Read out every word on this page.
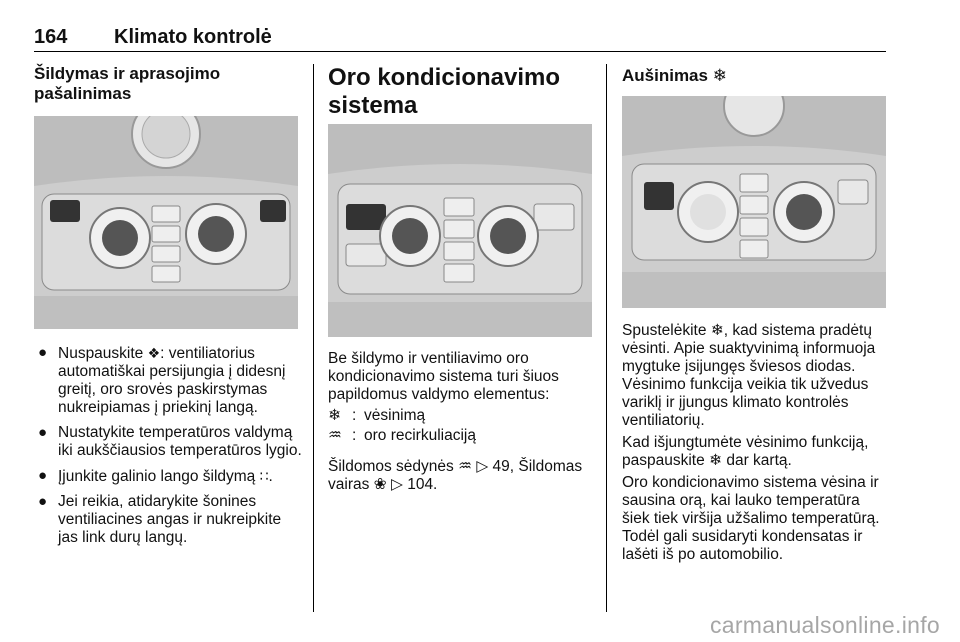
164 Klimato kontrolė
Šildymas ir aprasojimo
pašalinimas
● Nuspauskite ❖: ventiliatorius automatiškai persijungia į didesnį greitį, oro srovės paskirstymas nukreipiamas į priekinį langą.
● Nustatykite temperatūros valdymą iki aukščiausios temperatūros lygio.
● Įjunkite galinio lango šildymą ∷.
● Jei reikia, atidarykite šonines ventiliacines angas ir nukreipkite jas link durų langų.
Oro kondicionavimo
sistema
Be šildymo ir ventiliavimo oro kondicionavimo sistema turi šiuos papildomus valdymo elementus:
❄ : vėsinimą
♒ : oro recirkuliaciją
Šildomos sėdynės ♒ ▷ 49, Šildomas
vairas ❀ ▷ 104.
Aušinimas ❄
Spustelėkite ❄, kad sistema pradėtų vėsinti. Apie suaktyvinimą informuoja mygtuke įsijungęs šviesos diodas. Vėsinimo funkcija veikia tik užvedus variklį ir įjungus klimato kontrolės ventiliatorių.
Kad išjungtumėte vėsinimo funkciją, paspauskite ❄ dar kartą.
Oro kondicionavimo sistema vėsina ir sausina orą, kai lauko temperatūra šiek tiek viršija užšalimo temperatūrą. Todėl gali susidaryti kondensatas ir lašėti iš po automobilio.
carmanualsonline.info
